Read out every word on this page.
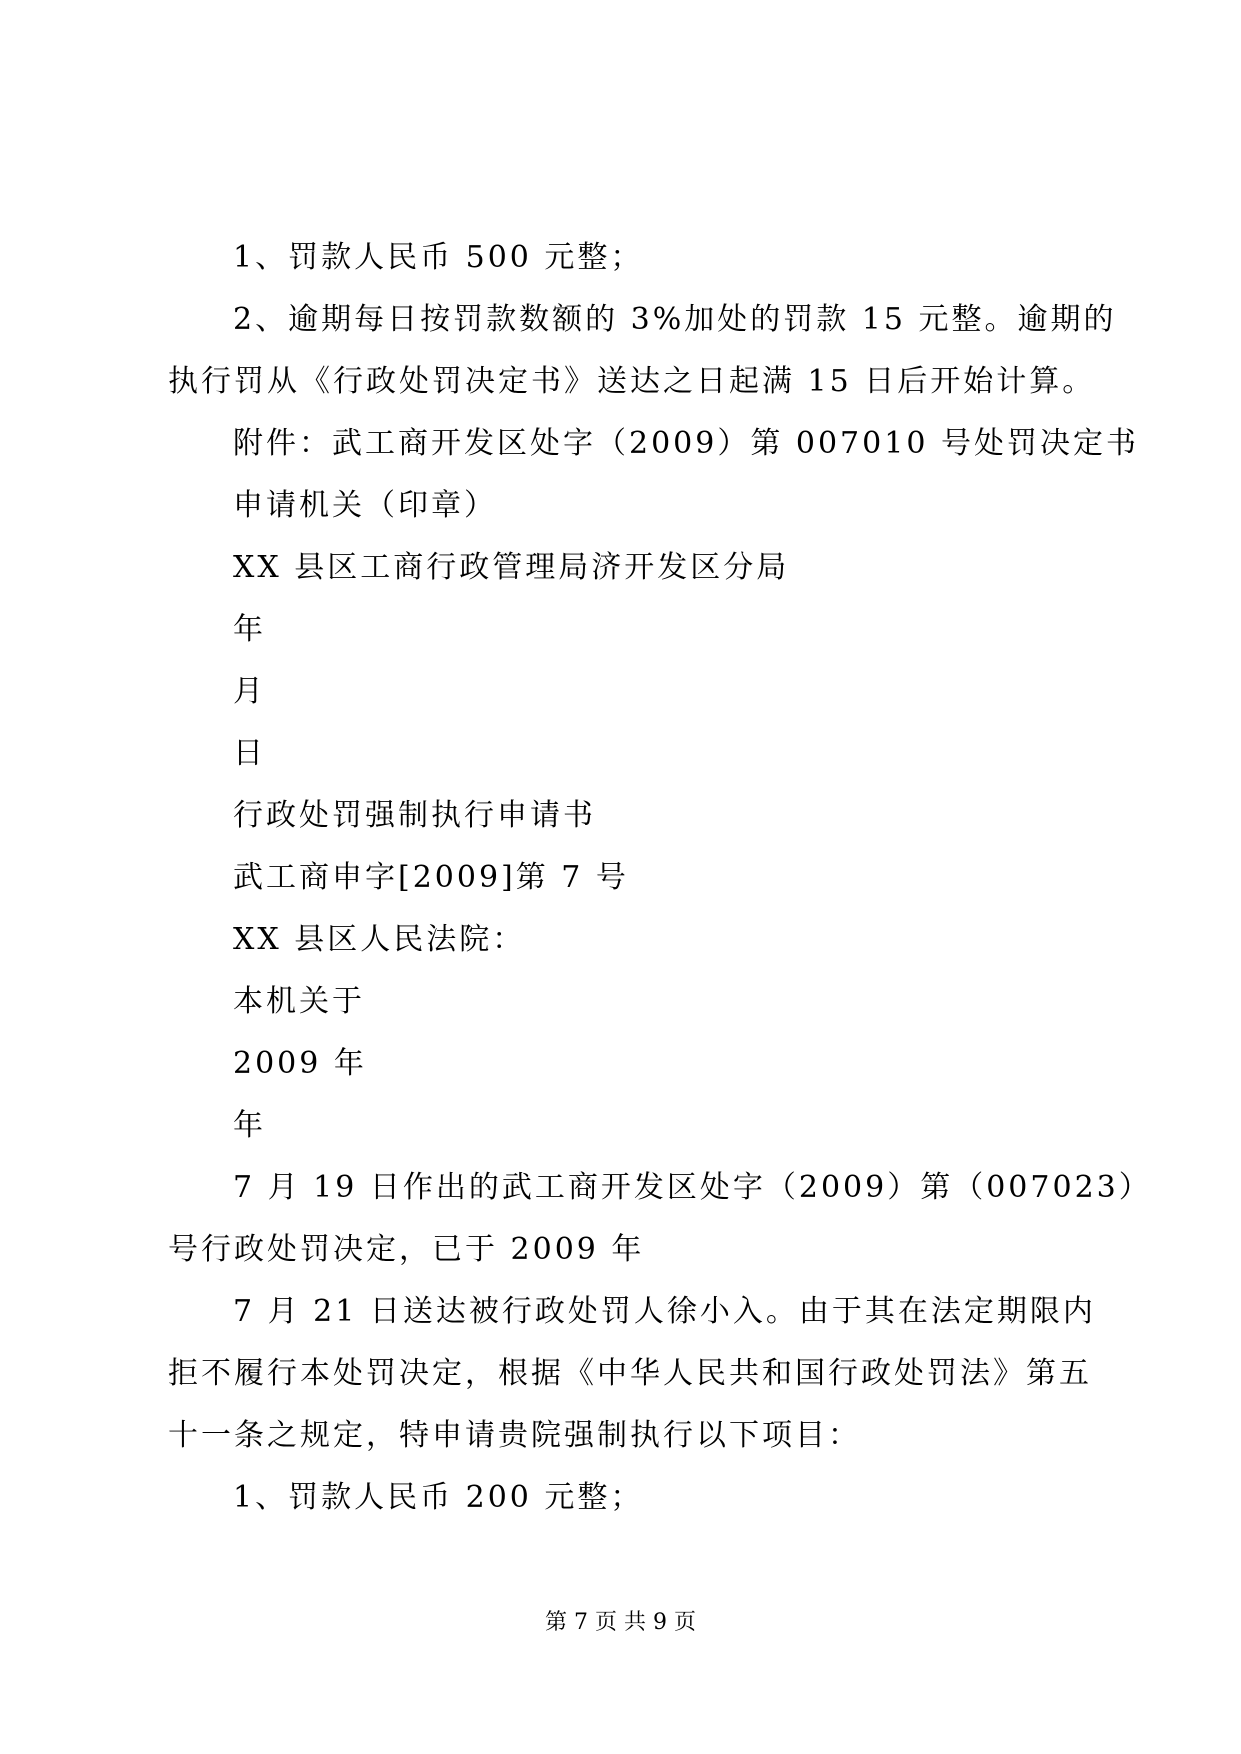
1、罚款人民币 500 元整；
2、逾期每日按罚款数额的 3%加处的罚款 15 元整。逾期的
执行罚从《行政处罚决定书》送达之日起满 15 日后开始计算。
附件：武工商开发区处字（2009）第 007010 号处罚决定书
申请机关（印章）
XX 县区工商行政管理局济开发区分局
年
月
日
行政处罚强制执行申请书
武工商申字[2009]第 7 号
XX 县区人民法院：
本机关于
2009 年
年
7 月 19 日作出的武工商开发区处字（2009）第（007023）
号行政处罚决定，已于 2009 年
7 月 21 日送达被行政处罚人徐小入。由于其在法定期限内
拒不履行本处罚决定，根据《中华人民共和国行政处罚法》第五
十一条之规定，特申请贵院强制执行以下项目：
1、罚款人民币 200 元整；
第 7 页 共 9 页
